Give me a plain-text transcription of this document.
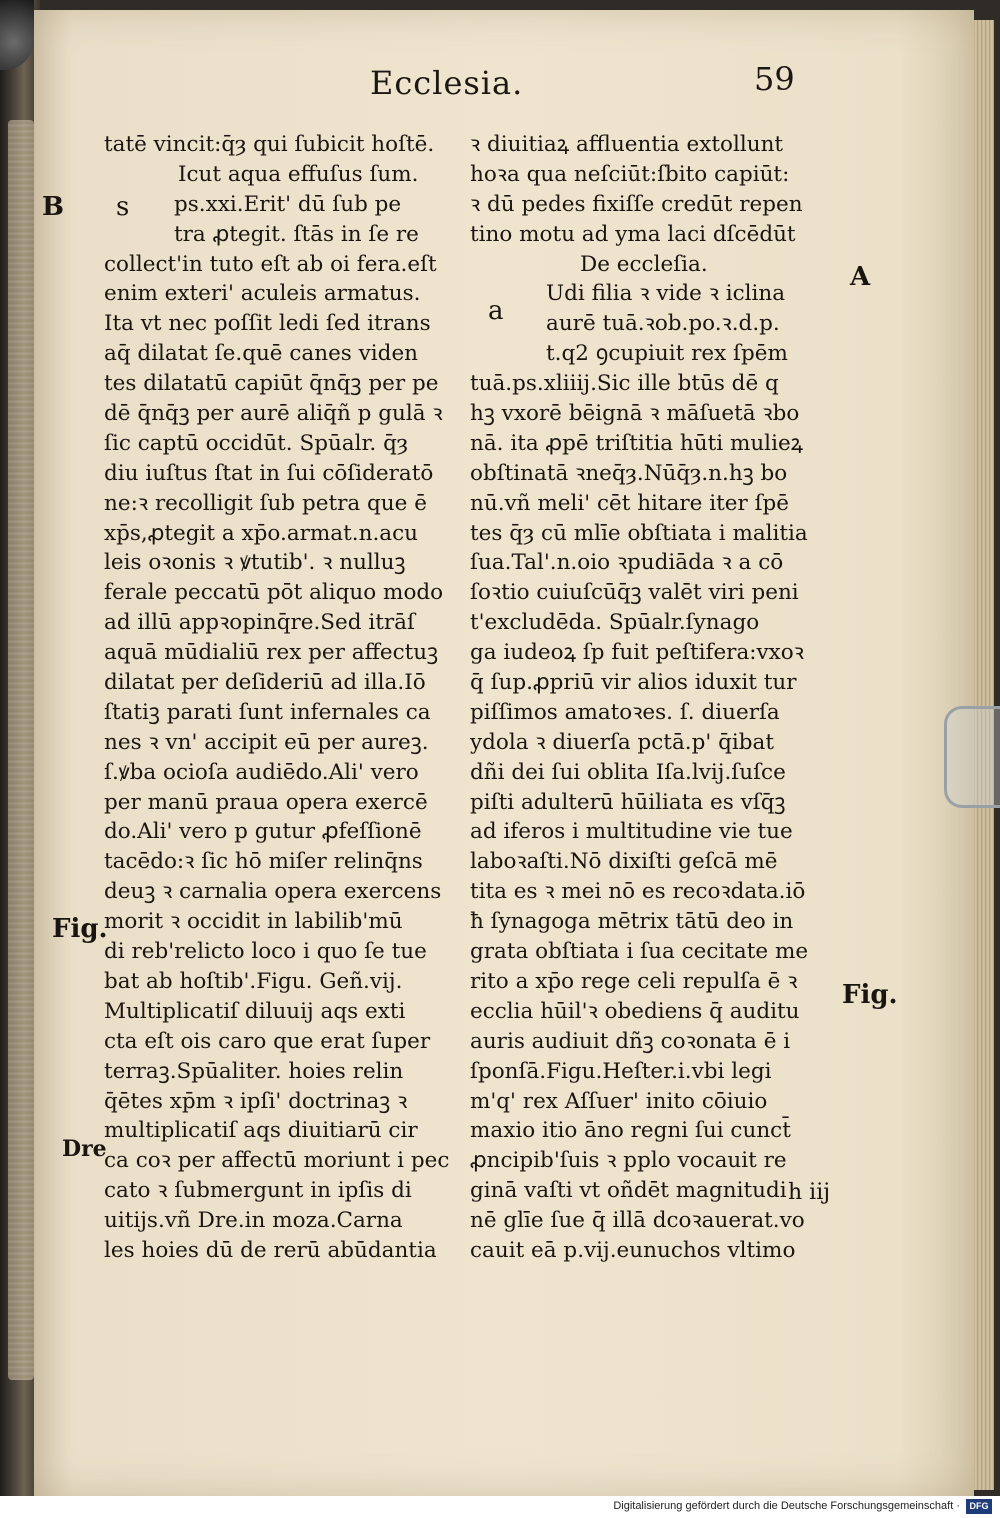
Ecclesia.	59
B s
Fig.
Dre
A
a
Fig.
tatē vincit:q̄ȝ qui ſubicit hoſtē.
Icut aqua effuſus ſum.
ps.xxi.Erit' dū ſub pe
tra ꝓtegit. ſtās in ſe re
collect'in tuto eſt ab oi fera.eſt
enim exteri' aculeis armatus.
Ita vt nec poſſit ledi ſed itrans
aq̄ dilatat ſe.quē canes viden
tes dilatatū capiūt q̄nq̄ꝫ per pe
dē q̄nq̄ꝫ per aurē aliq̄ñ p gulā ꝛ
ſic captū occidūt. Spūalr. q̄ȝ
diu iuſtus ſtat in ſui cōſideratō
ne:ꝛ recolligit ſub petra que ē
xp̄s,ꝓtegit a xp̄o.armat.n.acu
leis oꝛonis ꝛ ꝟtutib'. ꝛ nulluꝫ
ferale peccatū pōt aliquo modo
ad illū appꝛopinq̄re.Sed itrāſ
aquā mūdialiū rex per affectuꝫ
dilatat per deſideriū ad illa.Iō
ſtatiꝫ parati ſunt infernales ca
nes ꝛ vn' accipit eū per aureꝫ.
ſ.ꝟba ocioſa audiēdo.Ali' vero
per manū praua opera exercē
do.Ali' vero p gutur ꝓfeſſionē
tacēdo:ꝛ ſic hō miſer relinq̄ns
deuꝫ ꝛ carnalia opera exercens
morit ꝛ occidit in labilib'mū
di reb'relicto loco i quo ſe tue
bat ab hoſtib'.Figu. Geñ.vij.
Multiplicatiſ diluuij aqs exti
cta eſt ois caro que erat ſuper
terraꝫ.Spūaliter. hoies relin
q̄ētes xp̄m ꝛ ipſi' doctrinaꝫ ꝛ
multiplicatiſ aqs diuitiarū cir
ca coꝛ per affectū moriunt i pec
cato ꝛ ſubmergunt in ipſis di
uitijs.vñ Dre.in moza.Carna
les hoies dū de rerū abūdantia
ꝛ diuitiaꝝ affluentia extollunt
hoꝛa qua neſciūt:ſbito capiūt:
ꝛ dū pedes fixiſſe credūt repen
tino motu ad yma laci dſcēdūt
De eccleſia.
Udi filia ꝛ vide ꝛ iclina
aurē tuā.ꝛob.po.ꝛ.d.p.
t.q2 ꝯcupiuit rex ſpēm
tuā.ps.xliiij.Sic ille btūs dē q
hꝫ vxorē bēignā ꝛ māſuetā ꝛbo
nā. ita ꝓpē triſtitia hūti mulieꝝ
obſtinatā ꝛneq̄ȝ.Nūq̄ȝ.n.hꝫ bo
nū.vñ meli' cēt hitare iter ſpē
tes q̄ȝ cū mlīe obſtiata i malitia
ſua.Tal'.n.oio ꝛpudiāda ꝛ a cō
ſoꝛtio cuiuſcūq̄ꝫ valēt viri peni
t'excludēda. Spūalr.ſynago
ga iudeoꝝ ſp fuit peſtifera:vxoꝛ
q̄ ſup.ꝓpriū vir alios iduxit tur
piſſimos amatoꝛes. ſ. diuerſa
ydola ꝛ diuerſa pctā.p' q̄ibat
dñi dei ſui oblita Iſa.lvij.ſuſce
piſti adulterū hūiliata es vſq̄ꝫ
ad iferos i multitudine vie tue
laboꝛaſti.Nō dixiſti geſcā mē
tita es ꝛ mei nō es recoꝛdata.iō
ħ ſynagoga mētrix tātū deo in
grata obſtiata i ſua cecitate me
rito a xp̄o rege celi repulſa ē ꝛ
ecclia hūil'ꝛ obediens q̄ auditu
auris audiuit dñꝫ coꝛonata ē i
ſponſā.Figu.Heſter.i.vbi legi
m'q' rex Aſſuer' inito cōiuio
maxio itio āno regni ſui cunct̄
ꝓncipib'ſuis ꝛ pplo vocauit re
ginā vaſti vt oñdēt magnitudi
nē glīe ſue q̄ illā dcoꝛauerat.vo
cauit eā p.vij.eunuchos vltimo
h iij
Digitalisierung gefördert durch die Deutsche Forschungsgemeinschaft ·	DFG
